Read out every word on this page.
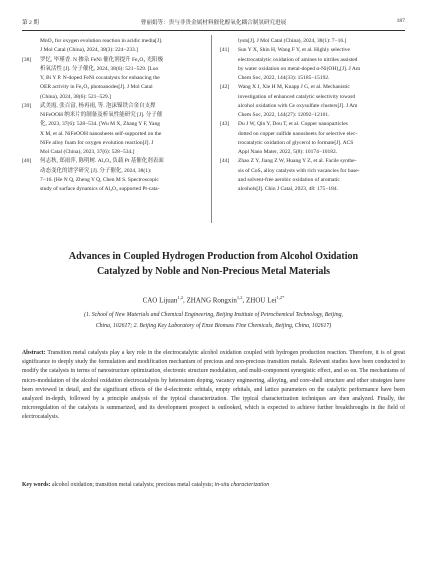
第 2 期	曹丽娟等：贵与非贵金属材料催化醇氧化耦合制氢研究进展	187
MnO₂ for oxygen evolution reaction in acidic media[J].
J Mol Catal (China), 2024, 38(3): 224−233.]
[38]	罗忆, 毕瑾香. N 掺杂 FeNi 催化剂提升 Fe₂O₃ 光阳极
析氧活性 [J]. 分子催化, 2024, 38(6): 521−529. [Luo
Y, Bi Y P. N-doped FeNi cocatalysts for enhancing the
OER activity in Fe₂O₃ photoanodes[J]. J Mol Catal
(China), 2024, 38(6): 521−529.]
[39]	武美霞, 张百富, 杨再雨, 等. 泡沫镍铁合金自支撑
NiFeOOH 纳米片的制备及析氧性能研究 [J]. 分子催
化, 2023, 37(6): 528−534. [Wu M X, Zhang Y F, Yang
X M, et al. NiFeOOH nanosheets self-supported on the
NiFe alloy foam for oxygen evolution reaction[J]. J
Mol Catal (China), 2023, 37(6): 528−534.]
[40]	何志秋, 郑雨萍, 陈明树. Al₂O₃ 负载 Pt 基催化剂表面
动态变化的谱学研究 [J]. 分子催化, 2024, 38(1):
7−16. [He N Q, Zheng Y Q, Chen M S. Spectroscopic
study of surface dynamics of Al₂O₃ supported Pt-cata-
lysts[J]. J Mol Catal (China), 2024, 38(1): 7−16.]
[41]	Sun Y X, Shin H, Wang F Y, et al. Highly selective
electrocatalytic oxidation of amines to nitriles assisted
by water oxidation on metal-doped α-Ni(OH)₂[J]. J Am
Chem Soc, 2022, 144(33): 15185−15192.
[42]	Wang X J, Xie H M, Knapp J G, et al. Mechanistic
investigation of enhanced catalytic selectivity toward
alcohol oxidation with Ce oxysulfate clusters[J]. J Am
Chem Soc, 2022, 144(27): 12092−12101.
[43]	Du J W, Qin Y, Dou T, et al. Copper nanoparticles
dotted on copper sulfide nanosheets for selective elec-
trocatalytic oxidation of glycerol to formate[J]. ACS
Appl Nano Mater, 2022, 5(8): 10174−10182.
[44]	Zhao Z Y, Jiang Z W, Huang Y Z, et al. Facile synthe-
sis of CoSₓ alloy catalysts with rich vacancies for base-
and solvent-free aerobic oxidation of aromatic
alcohols[J]. Chin J Catal, 2023, 48: 175−184.
Advances in Coupled Hydrogen Production from Alcohol Oxidation
Catalyzed by Noble and Non-Precious Metal Materials
CAO Lijuan$^{1,2}$, ZHANG Rongxin$^{1,2}$, ZHOU Lei$^{1,2*}$
(1. School of New Materials and Chemical Engineering, Beijing Institute of Petrochemical Technology, Beijing,
China, 102617; 2. Beijing Key Laboratory of Enze Biomass Fine Chemicals, Beijing, China, 102617)
Abstract: Transition metal catalysts play a key role in the electrocatalytic alcohol oxidation coupled with hydrogen production reaction. Therefore, it is of great significance to deeply study the formulation and modification mechanism of precious and non-precious transition metals. Relevant studies have been conducted to modify the catalysts in terms of nanostructure optimization, electronic structure modulation, and multi-component synergistic effect, and so on. The mechanisms of micro-modulation of the alcohol oxidation electrocatalysts by heteroatom doping, vacancy engineering, alloying, and core-shell structure and other strategies have been reviewed in detail, and the significant effects of the d-electronic orbitals, empty orbitals, and lattice parameters on the catalytic performance have been analyzed in-depth, followed by a principle analysis of the typical characterization. The typical characterization techniques are then analyzed. Finally, the microregulation of the catalysts is summarized, and its development prospect is outlooked, which is expected to achieve further breakthroughs in the field of electrocatalysis.
Key words: alcohol oxidation; transition metal catalysts; precious metal catalysts; in-situ characterization
